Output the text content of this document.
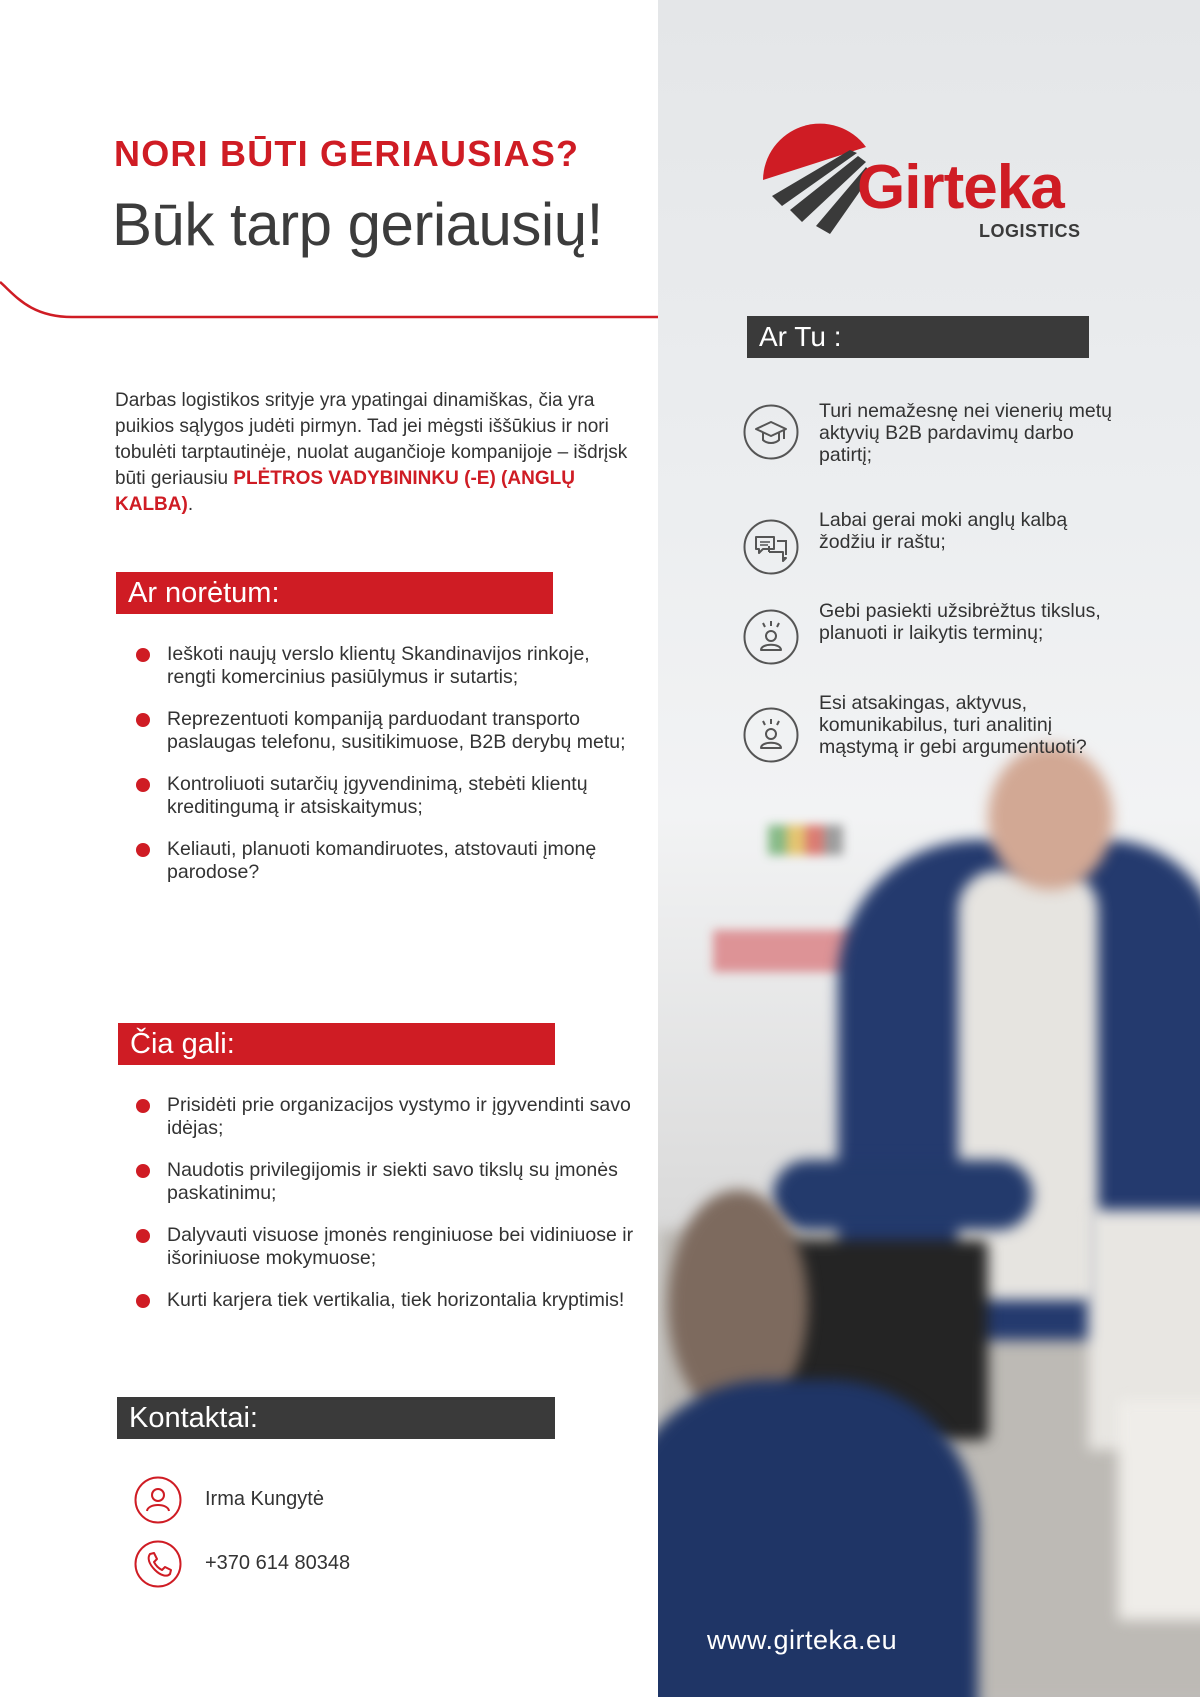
NORI BŪTI GERIAUSIAS?
Būk tarp geriausių!
Darbas logistikos srityje yra ypatingai dinamiškas, čia yra puikios sąlygos judėti pirmyn. Tad jei mėgsti iššūkius ir nori tobulėti tarptautinėje, nuolat augančioje kompanijoje – išdrįsk būti geriausiu PLĖTROS VADYBININKU (-E) (ANGLŲ KALBA).
Ar norėtum:
Ieškoti naujų verslo klientų Skandinavijos rinkoje, rengti komercinius pasiūlymus ir sutartis;
Reprezentuoti kompaniją parduodant transporto paslaugas telefonu, susitikimuose, B2B derybų metu;
Kontroliuoti sutarčių įgyvendinimą, stebėti klientų kreditingumą ir atsiskaitymus;
Keliauti, planuoti komandiruotes, atstovauti įmonę parodose?
Čia gali:
Prisidėti prie organizacijos vystymo ir įgyvendinti savo idėjas;
Naudotis privilegijomis ir siekti savo tikslų su įmonės paskatinimu;
Dalyvauti visuose įmonės renginiuose bei vidiniuose ir išoriniuose mokymuose;
Kurti karjera tiek vertikalia, tiek horizontalia kryptimis!
Kontaktai:
Irma Kungytė
+370 614 80348
Girteka
LOGISTICS
Ar Tu :
Turi nemažesnę nei vienerių metų aktyvių B2B pardavimų darbo patirtį;
Labai gerai moki anglų kalbą žodžiu ir raštu;
Gebi pasiekti užsibrėžtus tikslus, planuoti ir laikytis terminų;
Esi atsakingas, aktyvus, komunikabilus, turi analitinį mąstymą ir gebi argumentuoti?
www.girteka.eu
